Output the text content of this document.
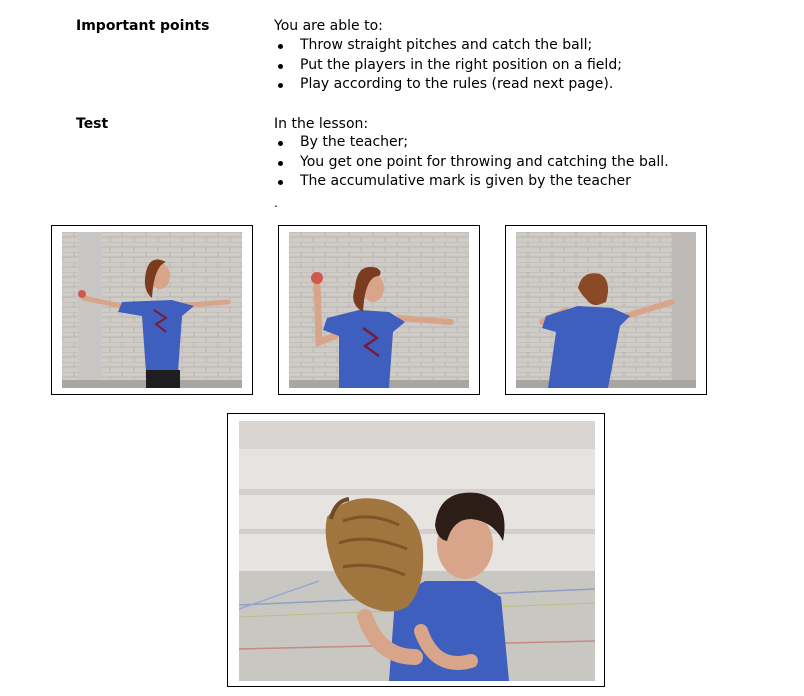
Important points	You are able to:
Throw straight pitches and catch the ball;
Put the players in the right position on a field;
Play according to the rules (read next page).
Test	In the lesson:
By the teacher;
You get one point for throwing and catching the ball.
The accumulative mark is given by the teacher
.
